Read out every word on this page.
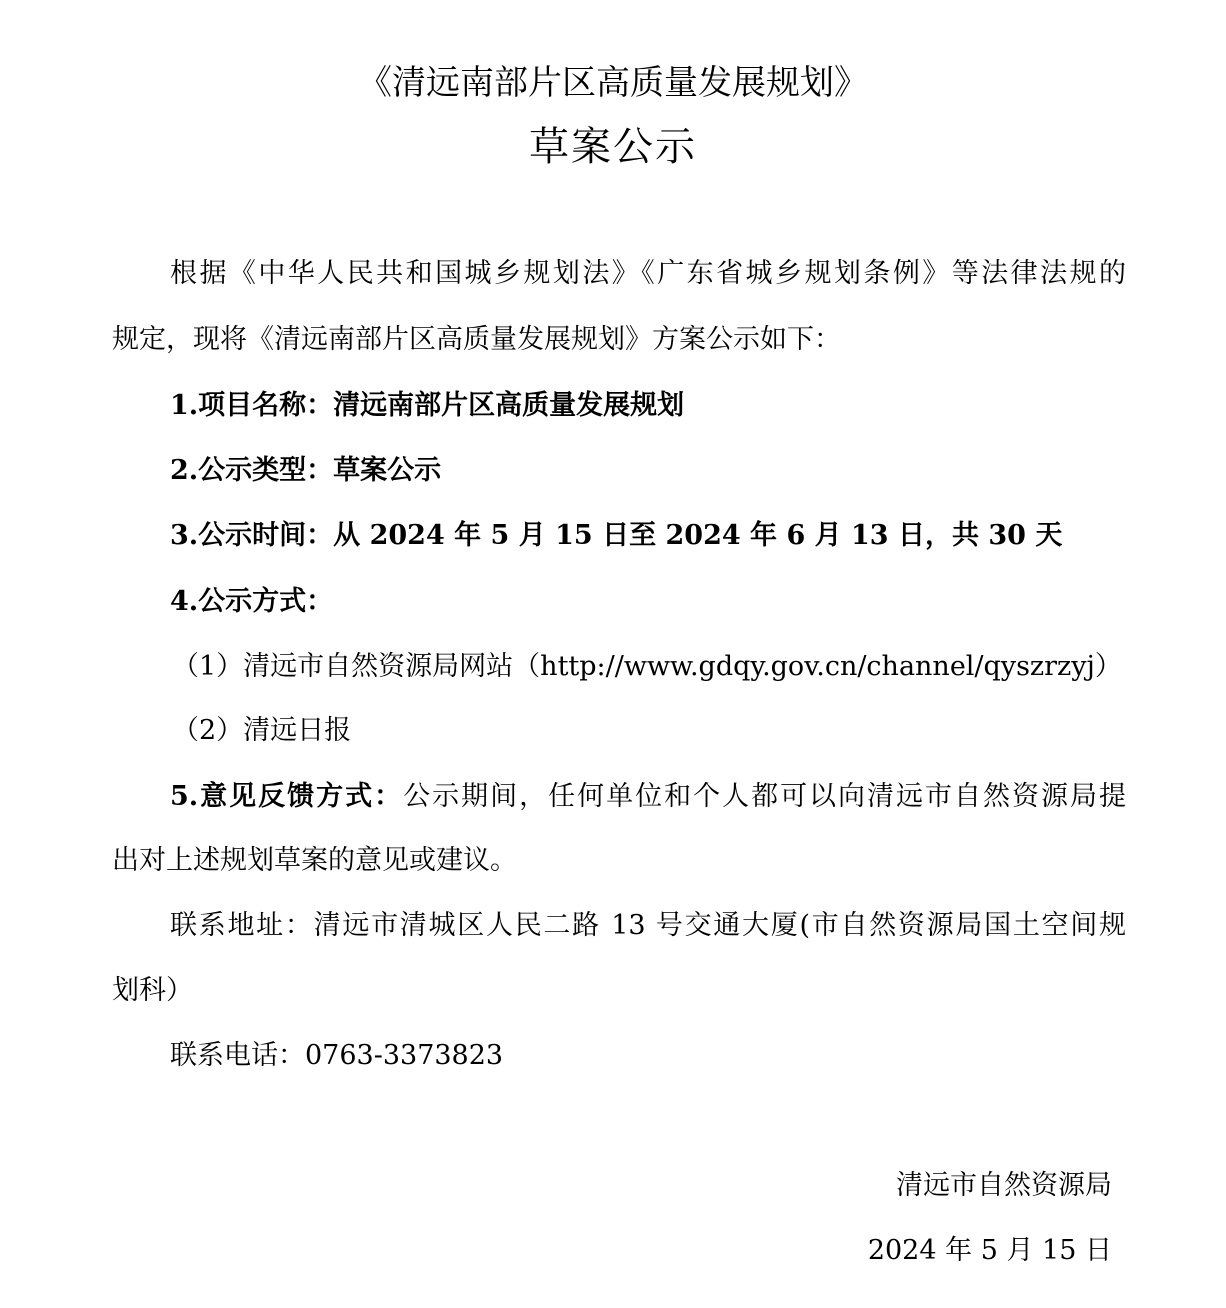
《清远南部片区高质量发展规划》
草案公示
根据《中华人民共和国城乡规划法》《广东省城乡规划条例》等法律法规的
规定，现将《清远南部片区高质量发展规划》方案公示如下：
1.项目名称：清远南部片区高质量发展规划
2.公示类型：草案公示
3.公示时间：从 2024 年 5 月 15 日至 2024 年 6 月 13 日，共 30 天
4.公示方式：
（1）清远市自然资源局网站（http://www.gdqy.gov.cn/channel/qyszrzyj）
（2）清远日报
5.意见反馈方式：公示期间，任何单位和个人都可以向清远市自然资源局提
出对上述规划草案的意见或建议。
联系地址：清远市清城区人民二路 13 号交通大厦(市自然资源局国土空间规
划科）
联系电话：0763-3373823
清远市自然资源局
2024 年 5 月 15 日
